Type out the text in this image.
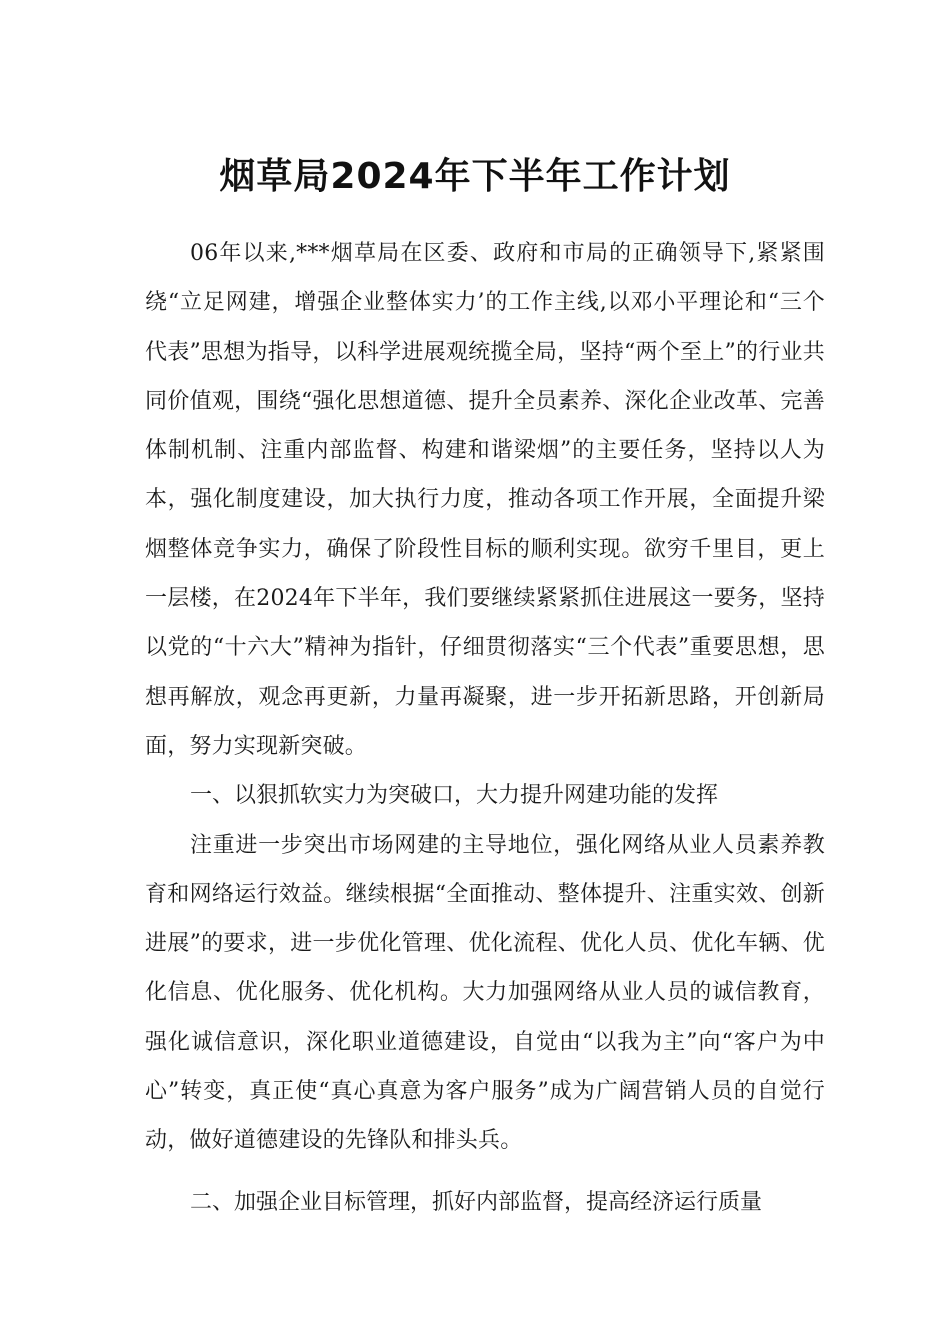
烟草局2024年下半年工作计划

06年以来,***烟草局在区委、政府和市局的正确领导下,紧紧围绕“立足网建，增强企业整体实力’的工作主线,以邓小平理论和“三个代表”思想为指导，以科学进展观统揽全局，坚持“两个至上”的行业共同价值观，围绕“强化思想道德、提升全员素养、深化企业改革、完善体制机制、注重内部监督、构建和谐梁烟”的主要任务，坚持以人为本，强化制度建设，加大执行力度，推动各项工作开展，全面提升梁烟整体竞争实力，确保了阶段性目标的顺利实现。欲穷千里目，更上一层楼，在2024年下半年，我们要继续紧紧抓住进展这一要务，坚持以党的“十六大”精神为指针，仔细贯彻落实“三个代表”重要思想，思想再解放，观念再更新，力量再凝聚，进一步开拓新思路，开创新局面，努力实现新突破。

一、以狠抓软实力为突破口，大力提升网建功能的发挥

注重进一步突出市场网建的主导地位，强化网络从业人员素养教育和网络运行效益。继续根据“全面推动、整体提升、注重实效、创新进展”的要求，进一步优化管理、优化流程、优化人员、优化车辆、优化信息、优化服务、优化机构。大力加强网络从业人员的诚信教育，强化诚信意识，深化职业道德建设，自觉由“以我为主”向“客户为中心”转变，真正使“真心真意为客户服务”成为广阔营销人员的自觉行动，做好道德建设的先锋队和排头兵。

二、加强企业目标管理，抓好内部监督，提高经济运行质量
